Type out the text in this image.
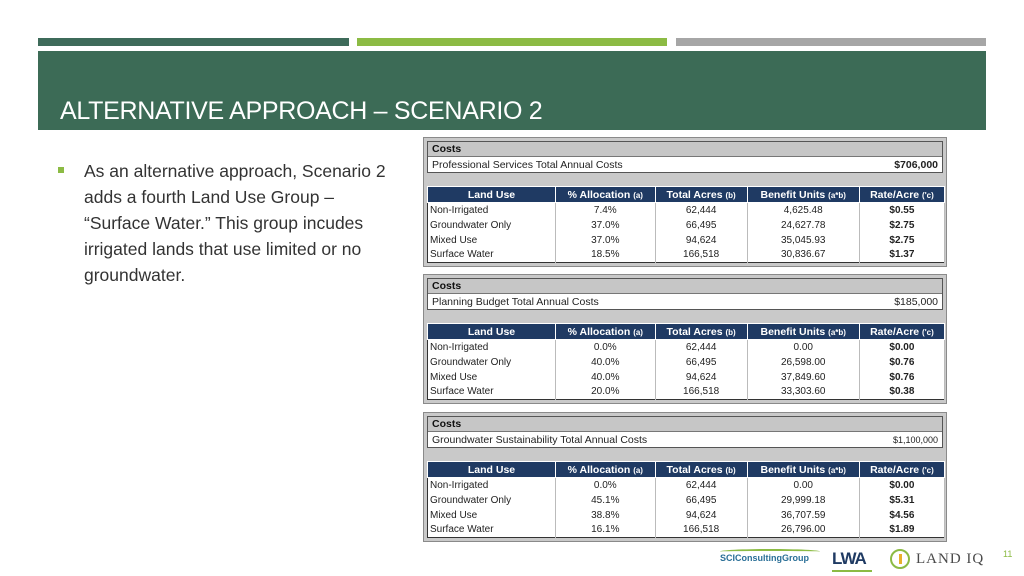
ALTERNATIVE APPROACH – SCENARIO 2

As an alternative approach, Scenario 2 adds a fourth Land Use Group – “Surface Water.” This group incudes irrigated lands that use limited or no groundwater.

Costs
Professional Services Total Annual Costs	$706,000
Land Use	% Allocation (a)	Total Acres (b)	Benefit Units (a*b)	Rate/Acre ('c)
Non-Irrigated	7.4%	62,444	4,625.48	$0.55
Groundwater Only	37.0%	66,495	24,627.78	$2.75
Mixed Use	37.0%	94,624	35,045.93	$2.75
Surface Water	18.5%	166,518	30,836.67	$1.37
Costs
Planning Budget Total Annual Costs	$185,000
Land Use	% Allocation (a)	Total Acres (b)	Benefit Units (a*b)	Rate/Acre ('c)
Non-Irrigated	0.0%	62,444	0.00	$0.00
Groundwater Only	40.0%	66,495	26,598.00	$0.76
Mixed Use	40.0%	94,624	37,849.60	$0.76
Surface Water	20.0%	166,518	33,303.60	$0.38
Costs
Groundwater Sustainability Total Annual Costs	$1,100,000
Land Use	% Allocation (a)	Total Acres (b)	Benefit Units (a*b)	Rate/Acre ('c)
Non-Irrigated	0.0%	62,444	0.00	$0.00
Groundwater Only	45.1%	66,495	29,999.18	$5.31
Mixed Use	38.8%	94,624	36,707.59	$4.56
Surface Water	16.1%	166,518	26,796.00	$1.89
11
SCIConsultingGroup LWA	LAND IQ
